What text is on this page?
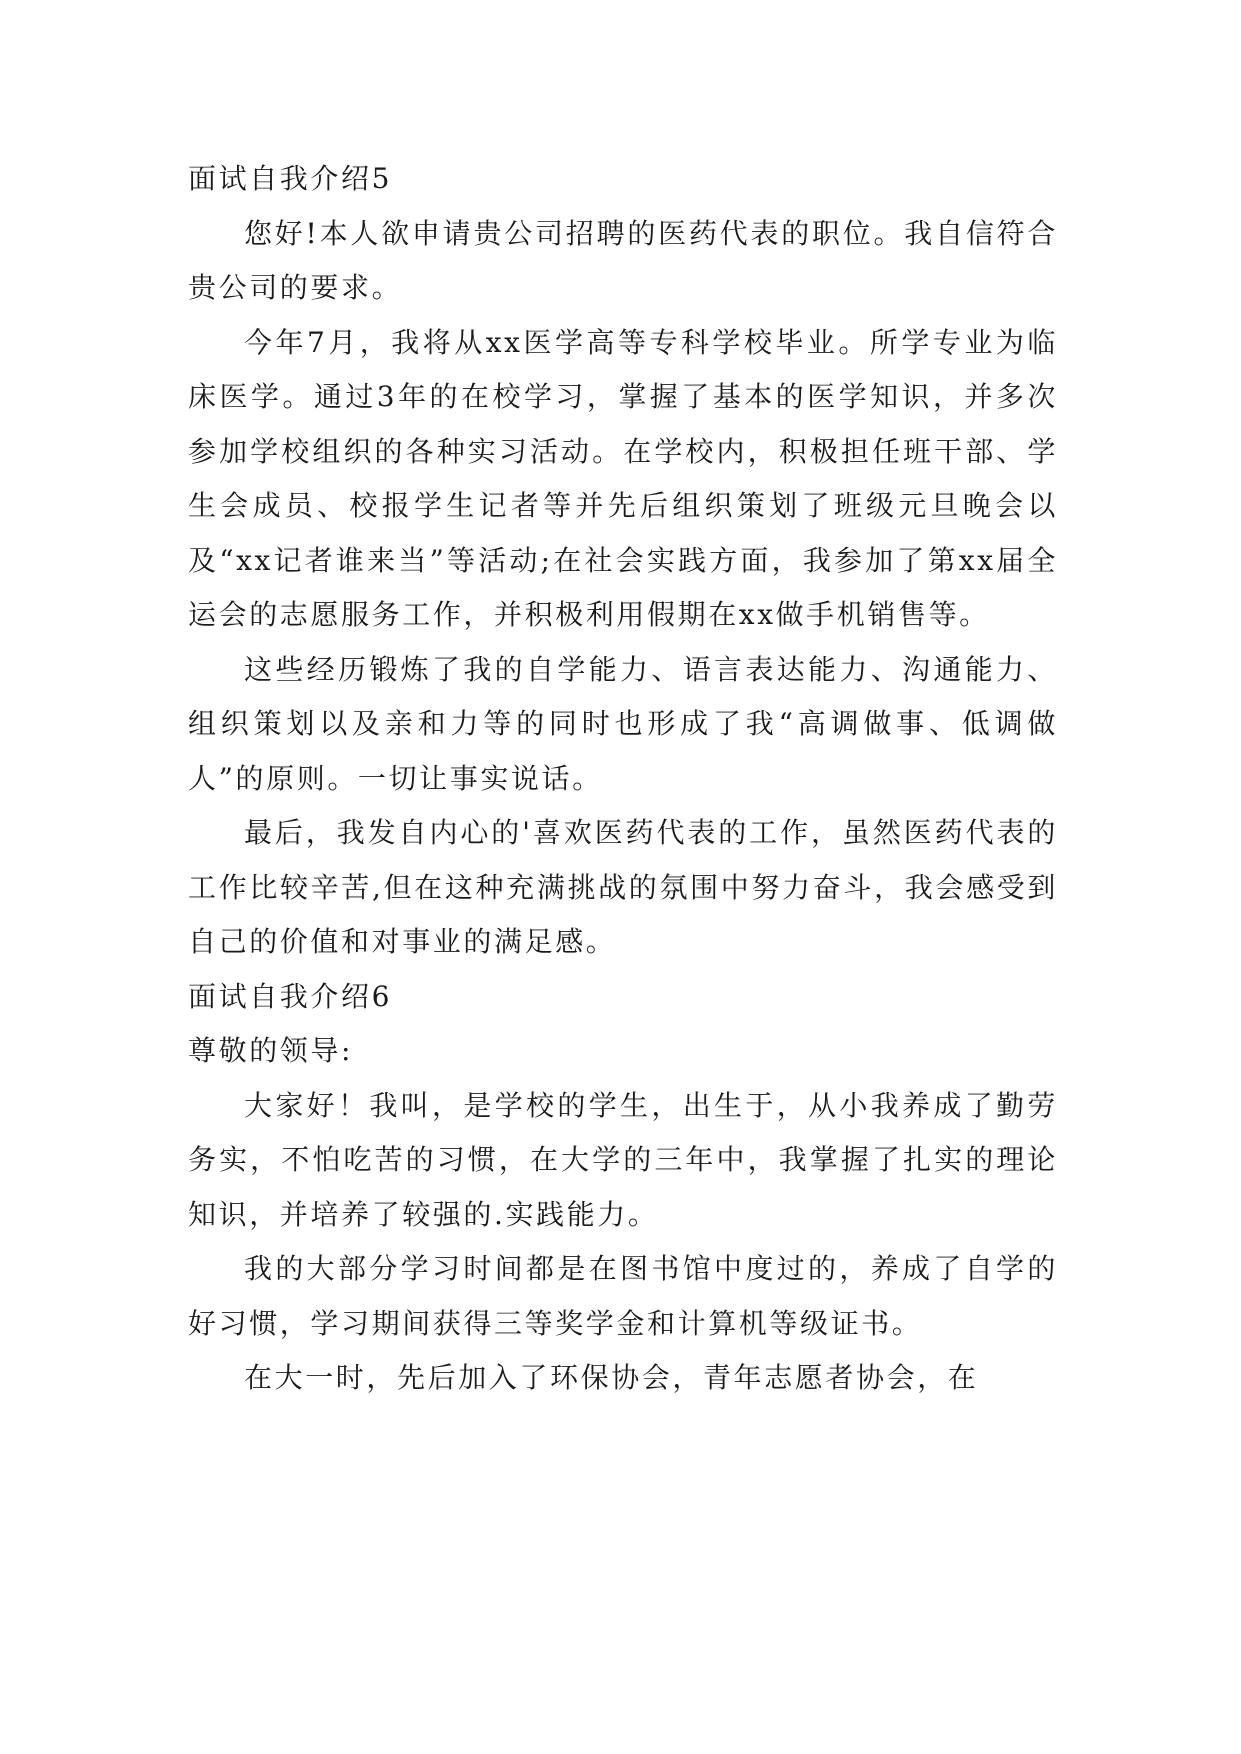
面试自我介绍5

您好!本人欲申请贵公司招聘的医药代表的职位。我自信符合贵公司的要求。

今年7月，我将从xx医学高等专科学校毕业。所学专业为临床医学。通过3年的在校学习，掌握了基本的医学知识，并多次参加学校组织的各种实习活动。在学校内，积极担任班干部、学生会成员、校报学生记者等并先后组织策划了班级元旦晚会以及“xx记者谁来当”等活动;在社会实践方面，我参加了第xx届全运会的志愿服务工作，并积极利用假期在xx做手机销售等。

这些经历锻炼了我的自学能力、语言表达能力、沟通能力、组织策划以及亲和力等的同时也形成了我“高调做事、低调做人”的原则。一切让事实说话。

最后，我发自内心的'喜欢医药代表的工作，虽然医药代表的工作比较辛苦,但在这种充满挑战的氛围中努力奋斗，我会感受到自己的价值和对事业的满足感。

面试自我介绍6

尊敬的领导:

大家好！我叫，是学校的学生，出生于，从小我养成了勤劳务实，不怕吃苦的习惯，在大学的三年中，我掌握了扎实的理论知识，并培养了较强的.实践能力。

我的大部分学习时间都是在图书馆中度过的，养成了自学的好习惯，学习期间获得三等奖学金和计算机等级证书。

在大一时，先后加入了环保协会，青年志愿者协会，在
